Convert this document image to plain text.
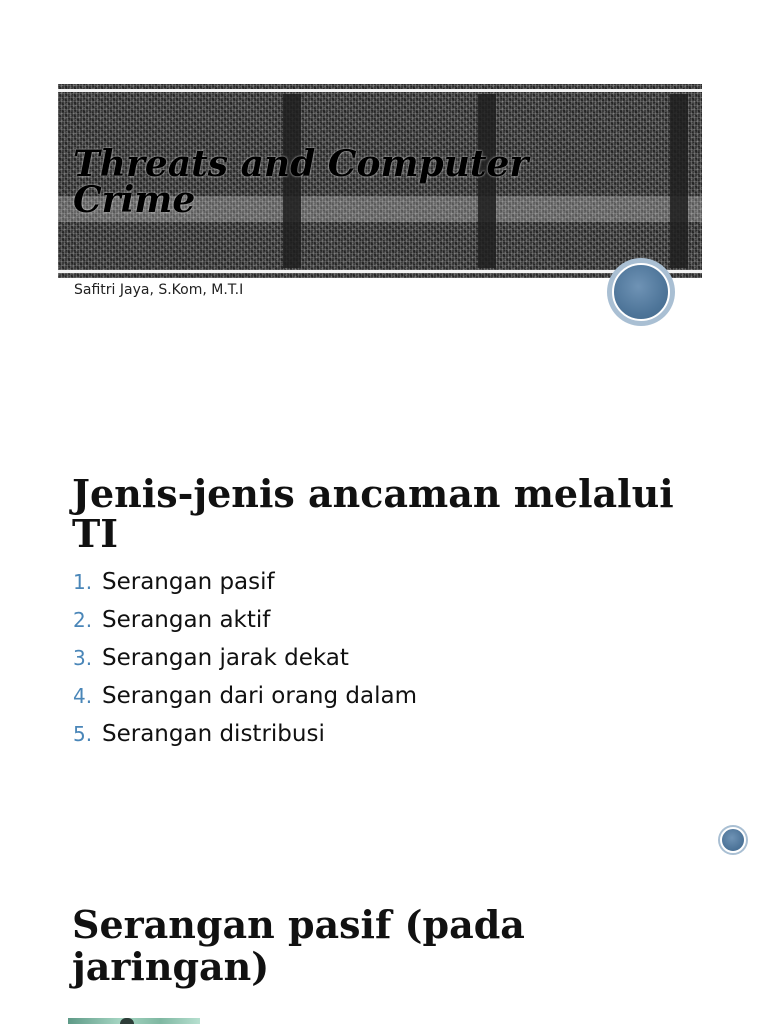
Threats and Computer Crime
Safitri Jaya, S.Kom, M.T.I
Jenis-jenis ancaman melalui TI
1. Serangan pasif
2. Serangan aktif
3. Serangan jarak dekat
4. Serangan dari orang dalam
5. Serangan distribusi
Serangan pasif (pada jaringan)
